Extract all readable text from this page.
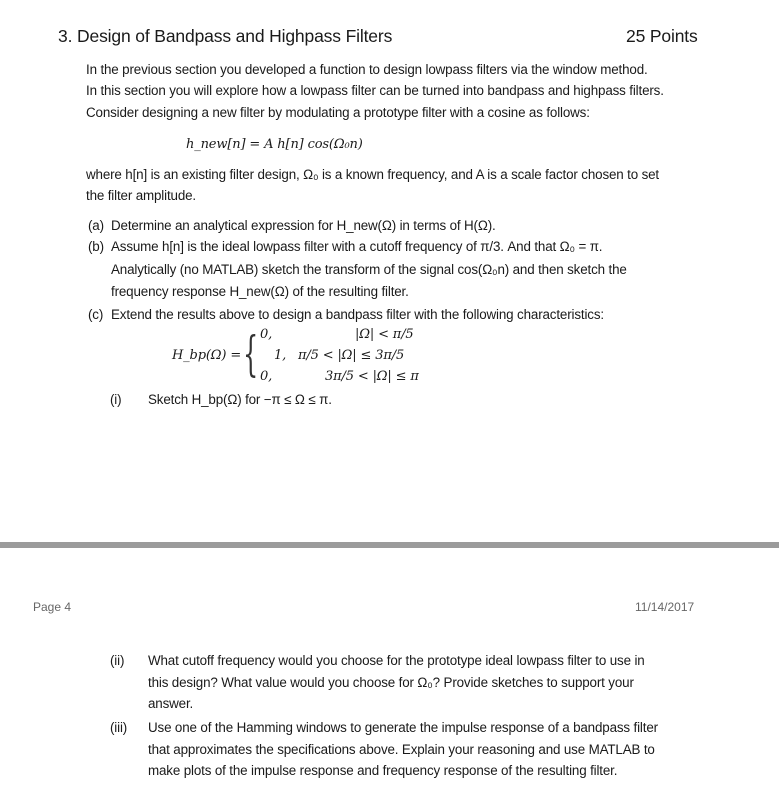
3. Design of Bandpass and Highpass Filters	25 Points
In the previous section you developed a function to design lowpass filters via the window method.
In this section you will explore how a lowpass filter can be turned into bandpass and highpass filters.
Consider designing a new filter by modulating a prototype filter with a cosine as follows:
h_new[n] = A h[n] cos(Ω₀n)
where h[n] is an existing filter design, Ω₀ is a known frequency, and A is a scale factor chosen to set
the filter amplitude.
(a) Determine an analytical expression for H_new(Ω) in terms of H(Ω).
(b) Assume h[n] is the ideal lowpass filter with a cutoff frequency of π/3. And that Ω₀ = π.
Analytically (no MATLAB) sketch the transform of the signal cos(Ω₀n) and then sketch the
frequency response H_new(Ω) of the resulting filter.
(c) Extend the results above to design a bandpass filter with the following characteristics:
H_bp(Ω) = { 0,	|Ω| < π/5
1, π/5 < |Ω| ≤ 3π/5
0,	3π/5 < |Ω| ≤ π
(i) Sketch H_bp(Ω) for −π ≤ Ω ≤ π.
Page 4	11/14/2017
(ii) What cutoff frequency would you choose for the prototype ideal lowpass filter to use in
this design? What value would you choose for Ω₀? Provide sketches to support your
answer.
(iii) Use one of the Hamming windows to generate the impulse response of a bandpass filter
that approximates the specifications above. Explain your reasoning and use MATLAB to
make plots of the impulse response and frequency response of the resulting filter.
